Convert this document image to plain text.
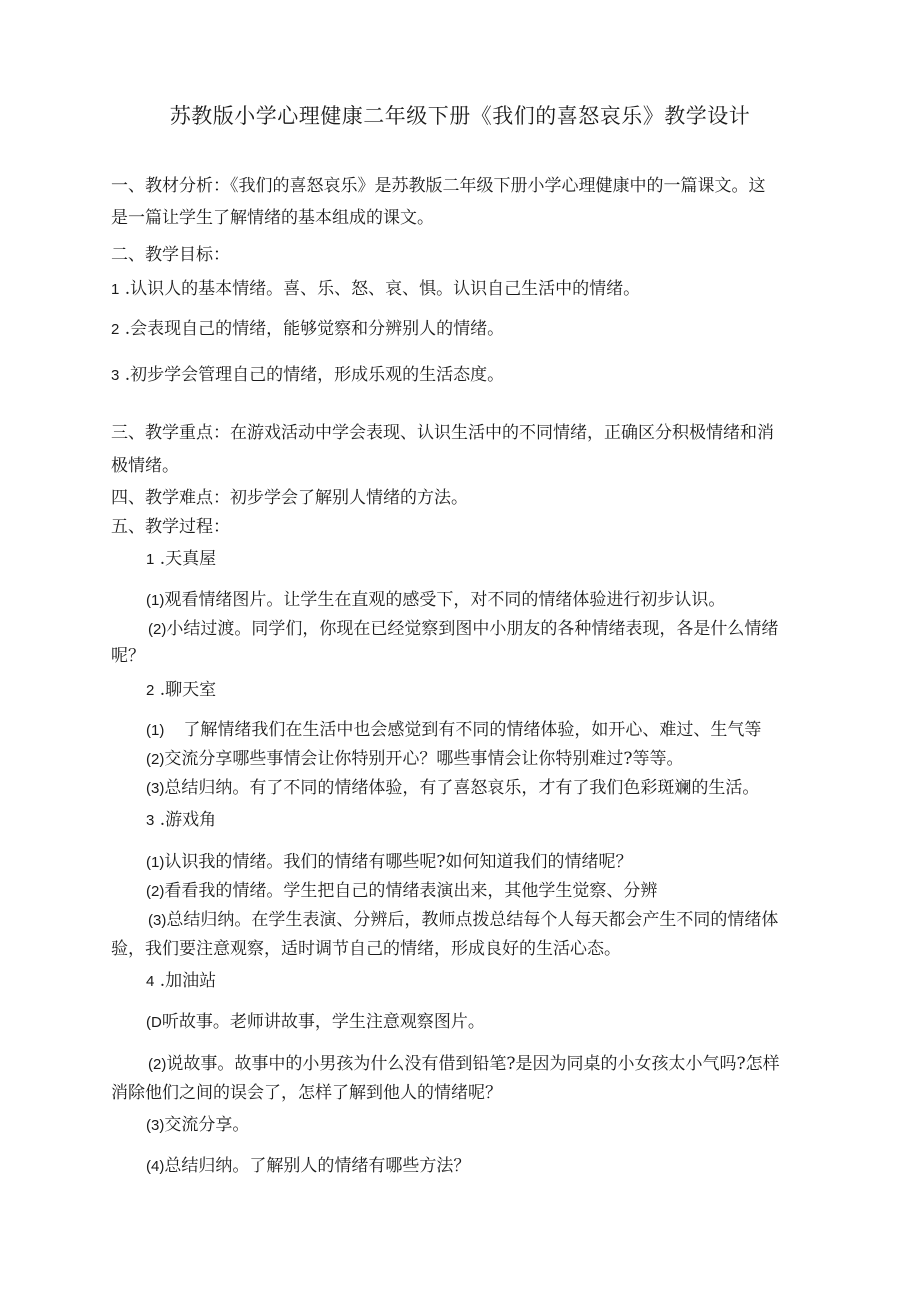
苏教版小学心理健康二年级下册《我们的喜怒哀乐》教学设计
一、教材分析：《我们的喜怒哀乐》是苏教版二年级下册小学心理健康中的一篇课文。这
是一篇让学生了解情绪的基本组成的课文。
二、教学目标：
1 .认识人的基本情绪。喜、乐、怒、哀、惧。认识自己生活中的情绪。
2 .会表现自己的情绪，能够觉察和分辨别人的情绪。
3 .初步学会管理自己的情绪，形成乐观的生活态度。
三、教学重点：在游戏活动中学会表现、认识生活中的不同情绪，正确区分积极情绪和消
极情绪。
四、教学难点：初步学会了解别人情绪的方法。
五、教学过程：
1 .天真屋
(1)观看情绪图片。让学生在直观的感受下，对不同的情绪体验进行初步认识。
(2)小结过渡。同学们，你现在已经觉察到图中小朋友的各种情绪表现，各是什么情绪
呢？
2 .聊天室
(1) 了解情绪我们在生活中也会感觉到有不同的情绪体验，如开心、难过、生气等
(2)交流分享哪些事情会让你特别开心？哪些事情会让你特别难过?等等。
(3)总结归纳。有了不同的情绪体验，有了喜怒哀乐，才有了我们色彩斑斓的生活。
3 .游戏角
(1)认识我的情绪。我们的情绪有哪些呢?如何知道我们的情绪呢？
(2)看看我的情绪。学生把自己的情绪表演出来，其他学生觉察、分辨
(3)总结归纳。在学生表演、分辨后，教师点拨总结每个人每天都会产生不同的情绪体
验，我们要注意观察，适时调节自己的情绪，形成良好的生活心态。
4 .加油站
(D听故事。老师讲故事，学生注意观察图片。
(2)说故事。故事中的小男孩为什么没有借到铅笔?是因为同桌的小女孩太小气吗?怎样
消除他们之间的误会了，怎样了解到他人的情绪呢？
(3)交流分享。
(4)总结归纳。了解别人的情绪有哪些方法？
